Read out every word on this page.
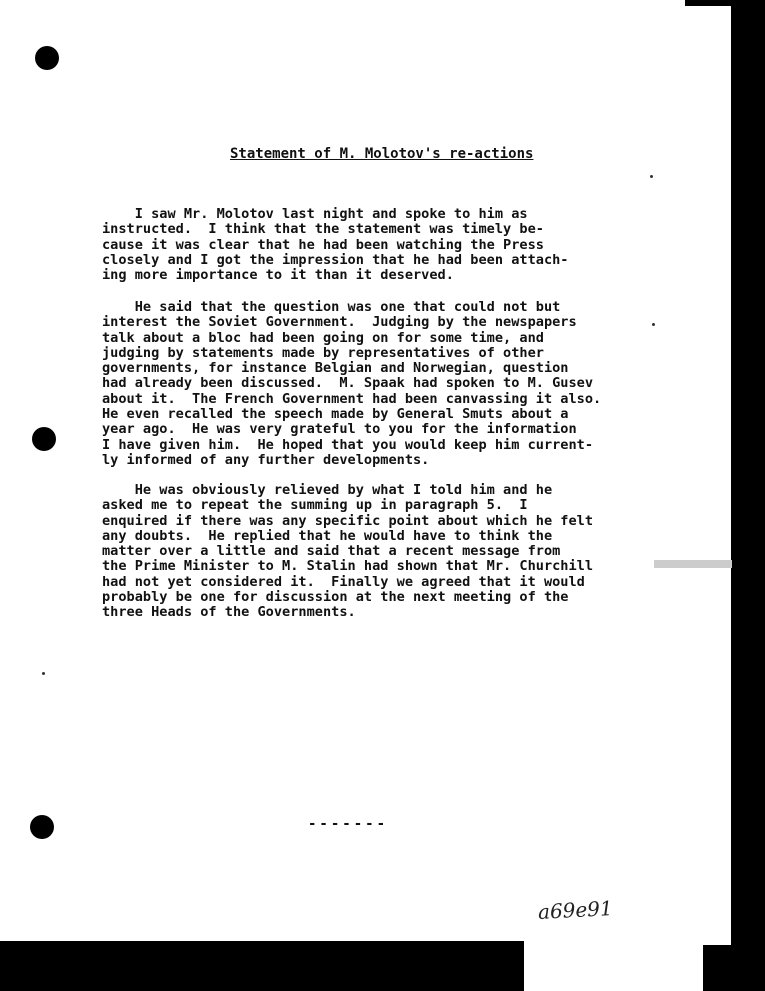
Statement of M. Molotov's re-actions
I saw Mr. Molotov last night and spoke to him as
instructed.  I think that the statement was timely be-
cause it was clear that he had been watching the Press
closely and I got the impression that he had been attach-
ing more importance to it than it deserved.
He said that the question was one that could not but
interest the Soviet Government.  Judging by the newspapers
talk about a bloc had been going on for some time, and
judging by statements made by representatives of other
governments, for instance Belgian and Norwegian, question
had already been discussed.  M. Spaak had spoken to M. Gusev
about it.  The French Government had been canvassing it also.
He even recalled the speech made by General Smuts about a
year ago.  He was very grateful to you for the information
I have given him.  He hoped that you would keep him current-
ly informed of any further developments.
He was obviously relieved by what I told him and he
asked me to repeat the summing up in paragraph 5.  I
enquired if there was any specific point about which he felt
any doubts.  He replied that he would have to think the
matter over a little and said that a recent message from
the Prime Minister to M. Stalin had shown that Mr. Churchill
had not yet considered it.  Finally we agreed that it would
probably be one for discussion at the next meeting of the
three Heads of the Governments.
-------
a69e91
